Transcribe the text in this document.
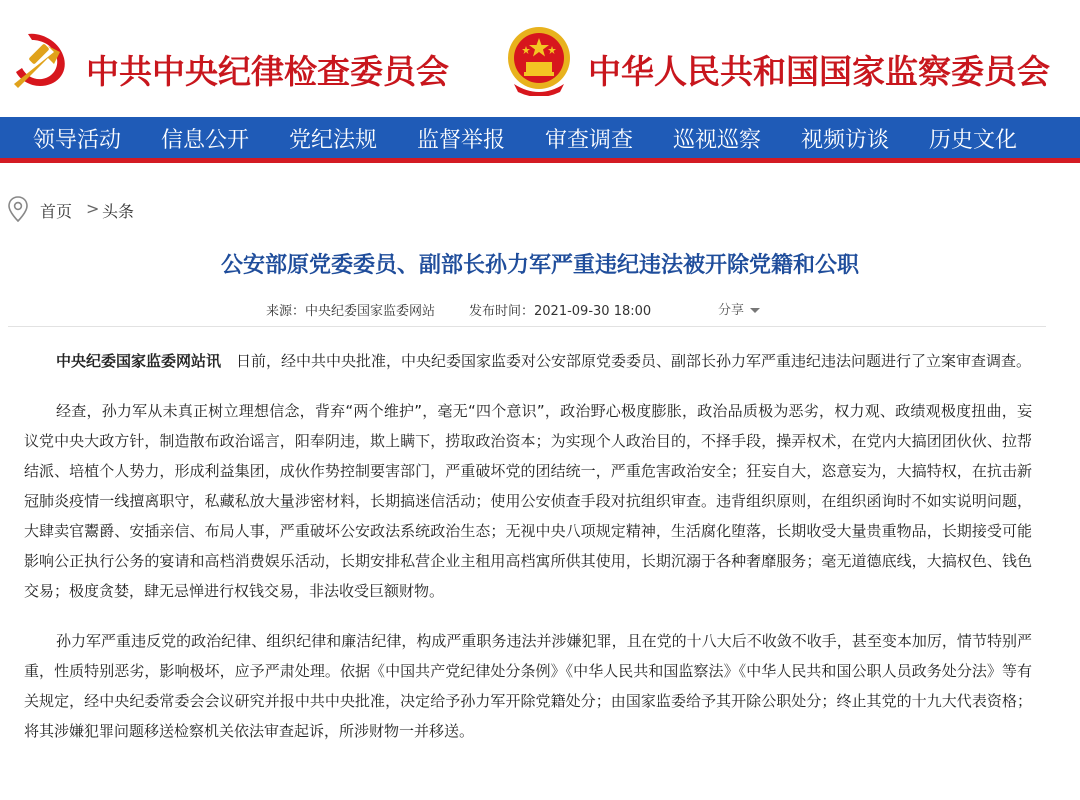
中共中央纪律检查委员会	中华人民共和国国家监察委员会
领导活动 信息公开 党纪法规 监督举报 审查调查 巡视巡察 视频访谈 历史文化
首页 > 头条
公安部原党委委员、副部长孙力军严重违纪违法被开除党籍和公职
来源：中央纪委国家监委网站	发布时间：2021-09-30 18:00	分享

中央纪委国家监委网站讯　 日前，经中共中央批准，中央纪委国家监委对公安部原党委委员、副部长孙力军严重违纪违法问题进行了立案审查调查。

经查，孙力军从未真正树立理想信念，背弃“两个维护”，毫无“四个意识”，政治野心极度膨胀，政治品质极为恶劣，权力观、政绩观极度扭曲，妄议党中央大政方针，制造散布政治谣言，阳奉阴违，欺上瞒下，捞取政治资本；为实现个人政治目的，不择手段，操弄权术，在党内大搞团团伙伙、拉帮结派、培植个人势力，形成利益集团，成伙作势控制要害部门，严重破坏党的团结统一，严重危害政治安全；狂妄自大，恣意妄为，大搞特权，在抗击新冠肺炎疫情一线擅离职守，私藏私放大量涉密材料，长期搞迷信活动；使用公安侦查手段对抗组织审查。违背组织原则，在组织函询时不如实说明问题，大肆卖官鬻爵、安插亲信、布局人事，严重破坏公安政法系统政治生态；无视中央八项规定精神，生活腐化堕落，长期收受大量贵重物品，长期接受可能影响公正执行公务的宴请和高档消费娱乐活动，长期安排私营企业主租用高档寓所供其使用，长期沉溺于各种奢靡服务；毫无道德底线，大搞权色、钱色交易；极度贪婪，肆无忌惮进行权钱交易，非法收受巨额财物。

孙力军严重违反党的政治纪律、组织纪律和廉洁纪律，构成严重职务违法并涉嫌犯罪，且在党的十八大后不收敛不收手，甚至变本加厉，情节特别严重，性质特别恶劣，影响极坏，应予严肃处理。依据《中国共产党纪律处分条例》《中华人民共和国监察法》《中华人民共和国公职人员政务处分法》等有关规定，经中央纪委常委会会议研究并报中共中央批准，决定给予孙力军开除党籍处分；由国家监委给予其开除公职处分；终止其党的十九大代表资格；将其涉嫌犯罪问题移送检察机关依法审查起诉，所涉财物一并移送。
